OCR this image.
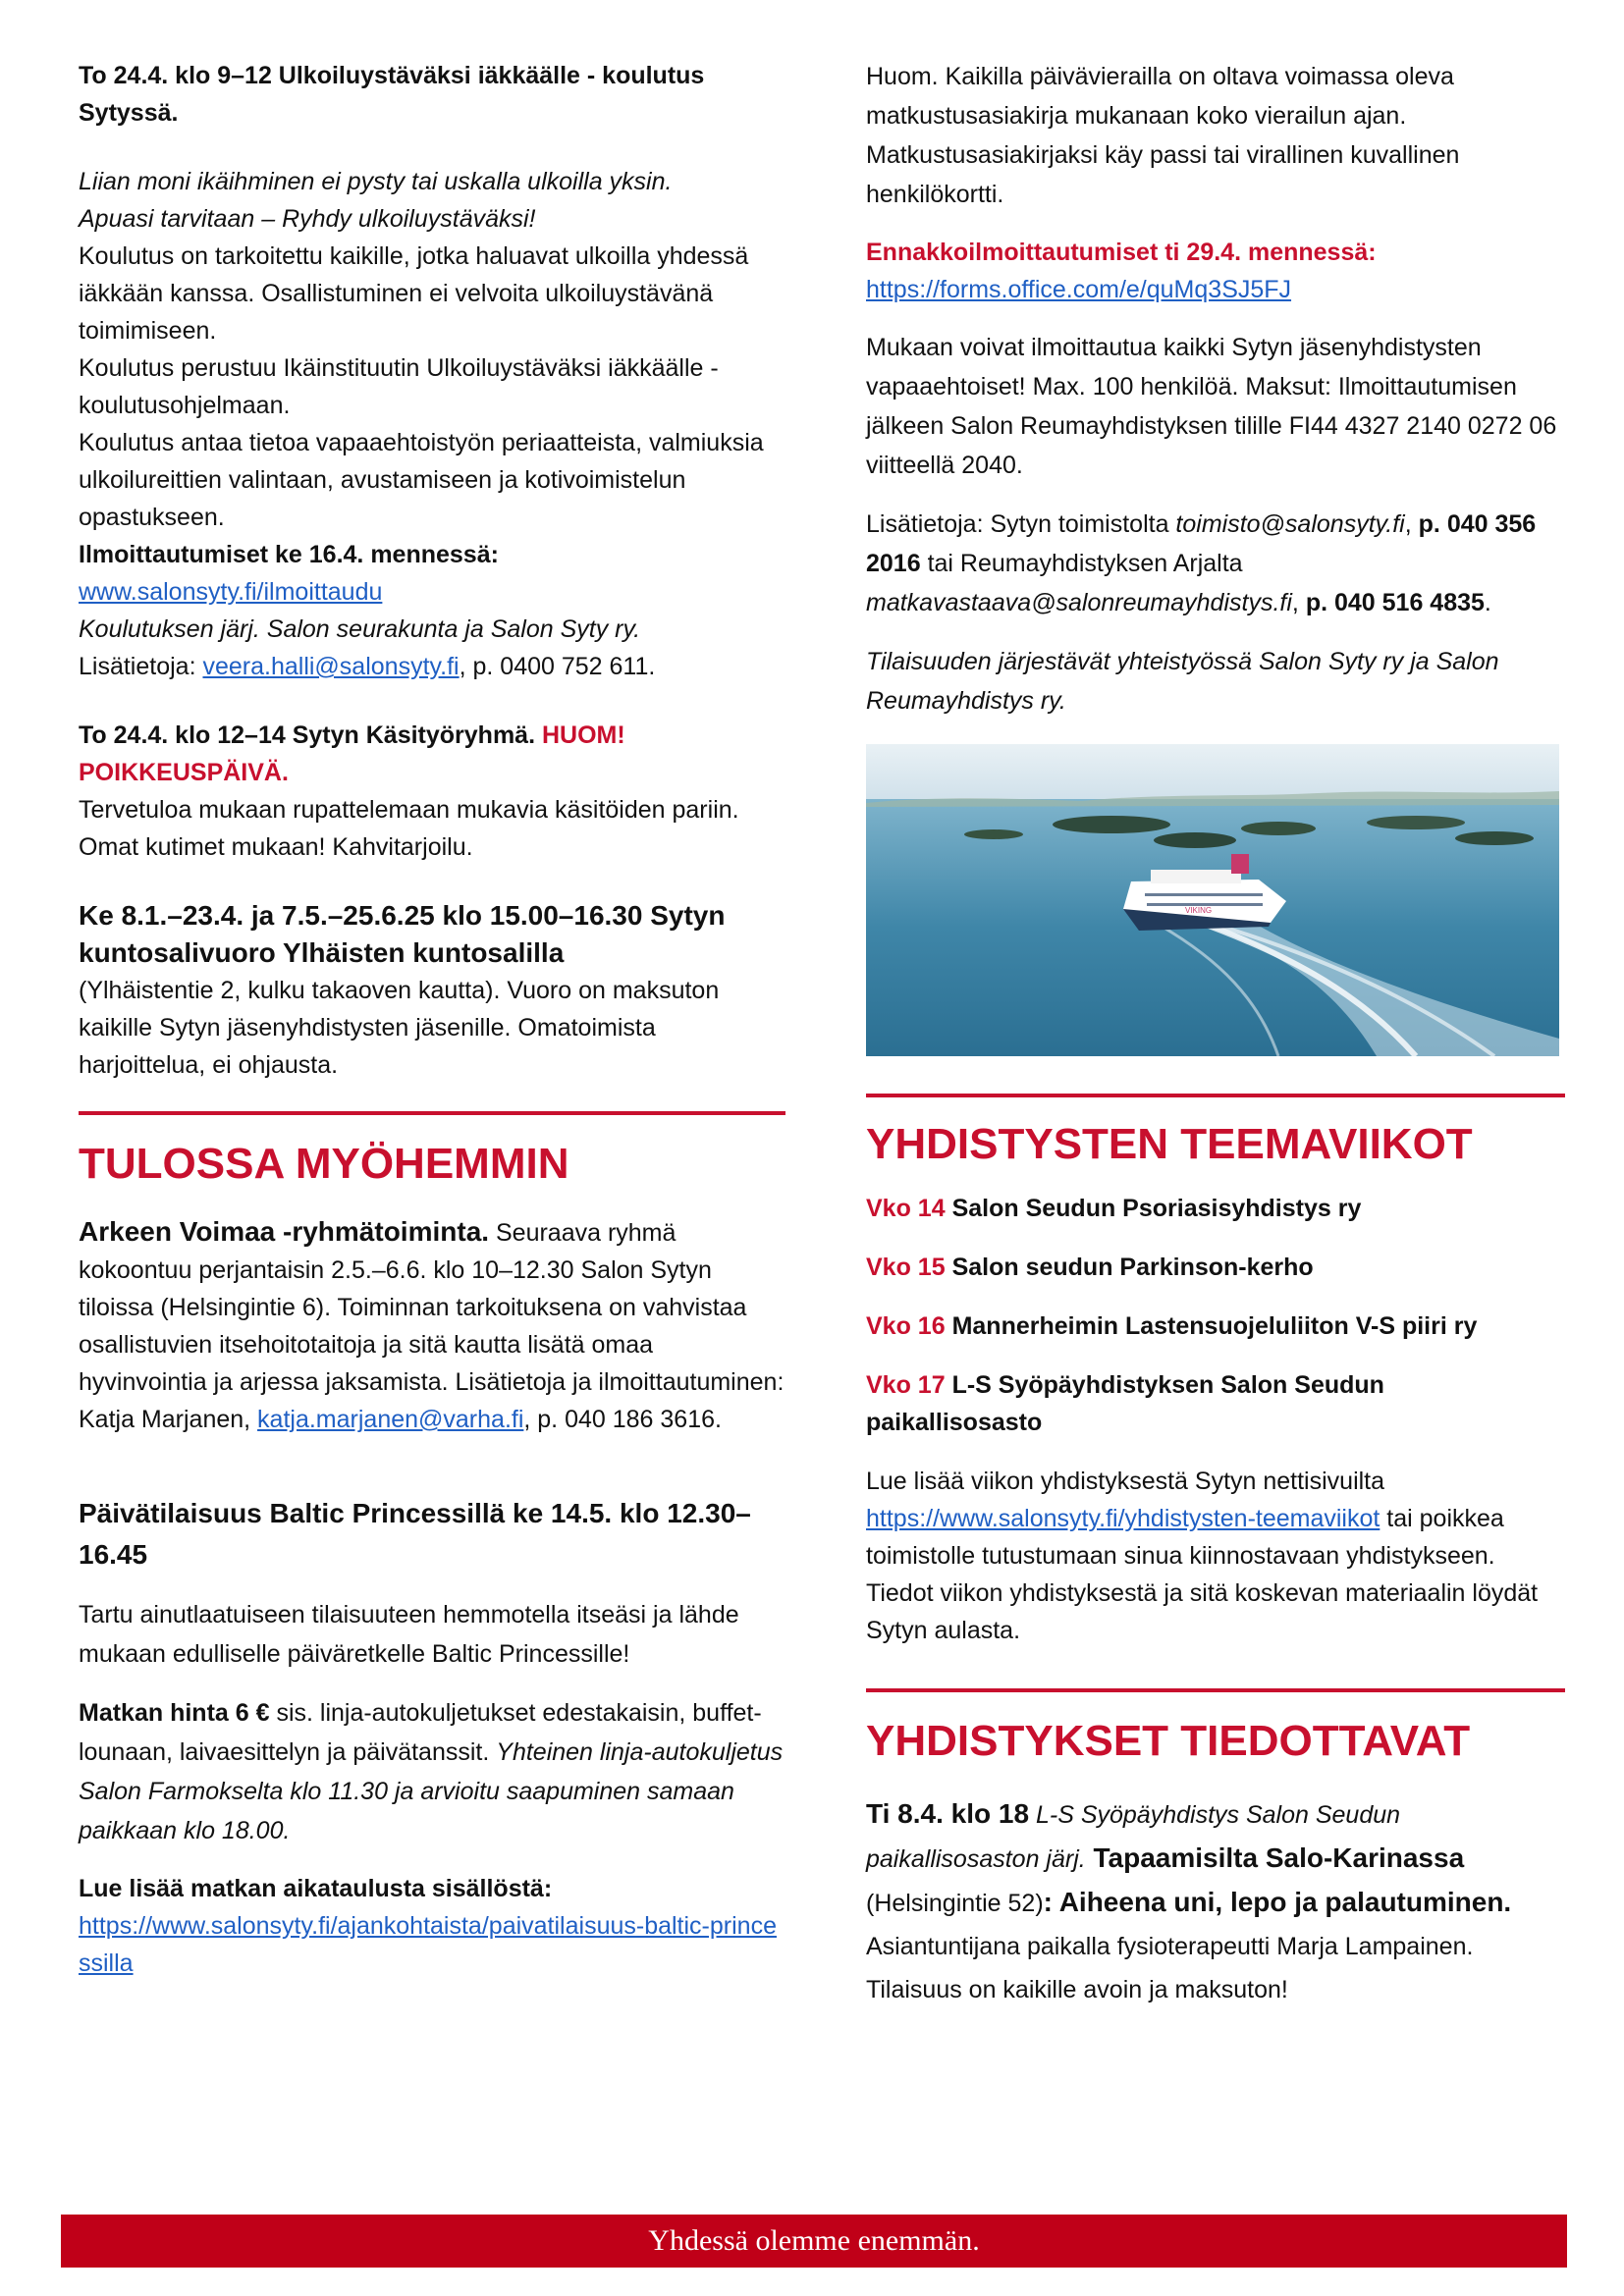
To 24.4. klo 9–12 Ulkoiluystäväksi iäkkäälle - koulutus Sytyssä.

Liian moni ikäihminen ei pysty tai uskalla ulkoilla yksin.

Apuasi tarvitaan – Ryhdy ulkoiluystäväksi!

Koulutus on tarkoitettu kaikille, jotka haluavat ulkoilla yhdessä iäkkään kanssa. Osallistuminen ei velvoita ulkoiluystävänä toimimiseen.

Koulutus perustuu Ikäinstituutin Ulkoiluystäväksi iäkkäälle -koulutusohjelmaan.

Koulutus antaa tietoa vapaaehtoistyön periaatteista, valmiuksia ulkoilureittien valintaan, avustamiseen ja kotivoimistelun opastukseen.

Ilmoittautumiset ke 16.4. mennessä:

www.salonsyty.fi/ilmoittaudu

Koulutuksen järj. Salon seurakunta ja Salon Syty ry.

Lisätietoja: veera.halli@salonsyty.fi, p. 0400 752 611.

To 24.4. klo 12–14 Sytyn Käsityöryhmä. HUOM! POIKKEUSPÄIVÄ.

Tervetuloa mukaan rupattelemaan mukavia käsitöiden pariin. Omat kutimet mukaan! Kahvitarjoilu.

Ke 8.1.–23.4. ja 7.5.–25.6.25 klo 15.00–16.30 Sytyn kuntosalivuoro Ylhäisten kuntosalilla

(Ylhäistentie 2, kulku takaoven kautta). Vuoro on maksuton kaikille Sytyn jäsenyhdistysten jäsenille. Omatoimista harjoittelua, ei ohjausta.

TULOSSA MYÖHEMMIN

Arkeen Voimaa -ryhmätoiminta. Seuraava ryhmä kokoontuu perjantaisin 2.5.–6.6. klo 10–12.30 Salon Sytyn tiloissa (Helsingintie 6). Toiminnan tarkoituksena on vahvistaa osallistuvien itsehoitotaitoja ja sitä kautta lisätä omaa hyvinvointia ja arjessa jaksamista. Lisätietoja ja ilmoittautuminen: Katja Marjanen, katja.marjanen@varha.fi, p. 040 186 3616.

Päivätilaisuus Baltic Princessillä ke 14.5. klo 12.30–16.45

Tartu ainutlaatuiseen tilaisuuteen hemmotella itseäsi ja lähde mukaan edulliselle päiväretkelle Baltic Princessille!

Matkan hinta 6 € sis. linja-autokuljetukset edestakaisin, buffet-lounaan, laivaesittelyn ja päivätanssit. Yhteinen linja-autokuljetus Salon Farmokselta klo 11.30 ja arvioitu saapuminen samaan paikkaan klo 18.00.

Lue lisää matkan aikataulusta sisällöstä:

https://www.salonsyty.fi/ajankohtaista/paivatilaisuus-baltic-princessilla

Huom. Kaikilla päivävierailla on oltava voimassa oleva matkustusasiakirja mukanaan koko vierailun ajan. Matkustusasiakirjaksi käy passi tai virallinen kuvallinen henkilökortti.

Ennakkoilmoittautumiset ti 29.4. mennessä:

https://forms.office.com/e/quMq3SJ5FJ

Mukaan voivat ilmoittautua kaikki Sytyn jäsenyhdistysten vapaaehtoiset! Max. 100 henkilöä. Maksut: Ilmoittautumisen jälkeen Salon Reumayhdistyksen tilille FI44 4327 2140 0272 06 viitteellä 2040.

Lisätietoja: Sytyn toimistolta toimisto@salonsyty.fi, p. 040 356 2016 tai Reumayhdistyksen Arjalta matkavastaava@salonreumayhdistys.fi, p. 040 516 4835.

Tilaisuuden järjestävät yhteistyössä Salon Syty ry ja Salon Reumayhdistys ry.

VIKING
YHDISTYSTEN TEEMAVIIKOT

Vko 14 Salon Seudun Psoriasisyhdistys ry

Vko 15 Salon seudun Parkinson-kerho

Vko 16 Mannerheimin Lastensuojeluliiton V-S piiri ry

Vko 17 L-S Syöpäyhdistyksen Salon Seudun paikallisosasto

Lue lisää viikon yhdistyksestä Sytyn nettisivuilta https://www.salonsyty.fi/yhdistysten-teemaviikot tai poikkea toimistolle tutustumaan sinua kiinnostavaan yhdistykseen. Tiedot viikon yhdistyksestä ja sitä koskevan materiaalin löydät Sytyn aulasta.

YHDISTYKSET TIEDOTTAVAT

Ti 8.4. klo 18 L-S Syöpäyhdistys Salon Seudun paikallisosaston järj. Tapaamisilta Salo-Karinassa (Helsingintie 52): Aiheena uni, lepo ja palautuminen. Asiantuntijana paikalla fysioterapeutti Marja Lampainen. Tilaisuus on kaikille avoin ja maksuton!

Yhdessä olemme enemmän.
